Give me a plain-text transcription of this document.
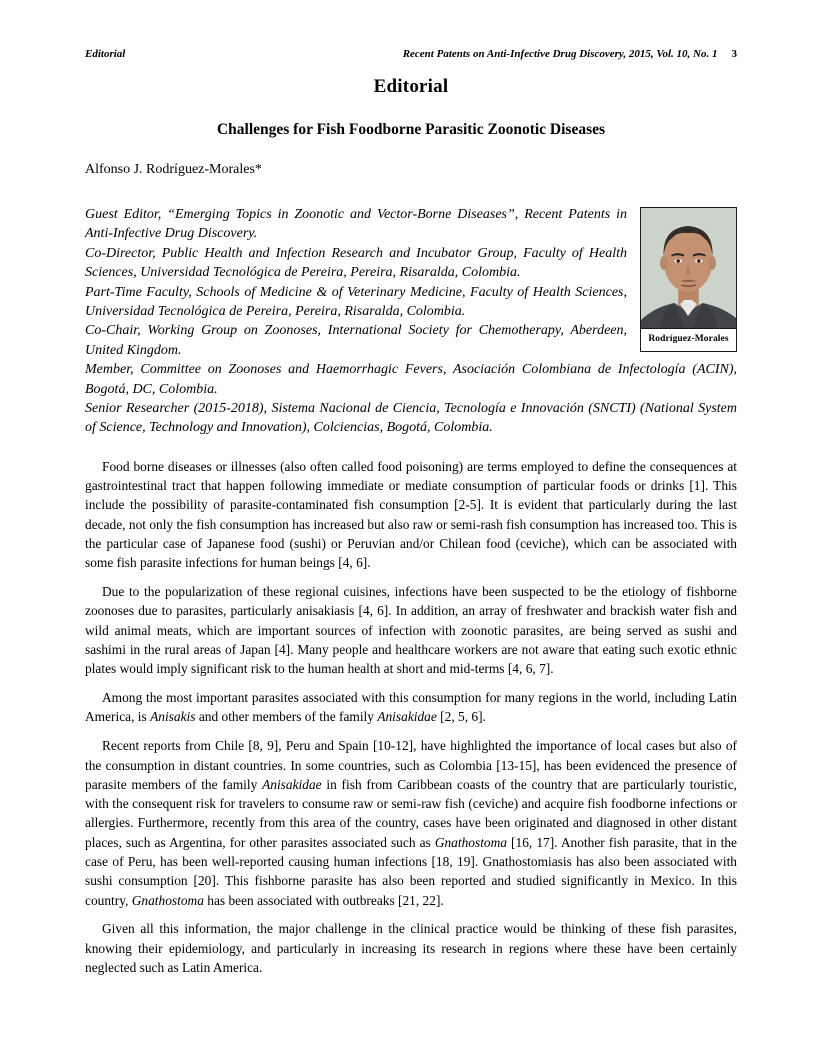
Editorial	Recent Patents on Anti-Infective Drug Discovery, 2015, Vol. 10, No. 1 3
Editorial
Challenges for Fish Foodborne Parasitic Zoonotic Diseases
Alfonso J. Rodríguez-Morales*
Rodríguez-Morales
Guest Editor, “Emerging Topics in Zoonotic and Vector-Borne Diseases”, Recent Patents in Anti-Infective Drug Discovery.
Co-Director, Public Health and Infection Research and Incubator Group, Faculty of Health Sciences, Universidad Tecnológica de Pereira, Pereira, Risaralda, Colombia.
Part-Time Faculty, Schools of Medicine & of Veterinary Medicine, Faculty of Health Sciences, Universidad Tecnológica de Pereira, Pereira, Risaralda, Colombia.
Co-Chair, Working Group on Zoonoses, International Society for Chemotherapy, Aberdeen, United Kingdom.
Member, Committee on Zoonoses and Haemorrhagic Fevers, Asociación Colombiana de Infectología (ACIN), Bogotá, DC, Colombia.
Senior Researcher (2015-2018), Sistema Nacional de Ciencia, Tecnología e Innovación (SNCTI) (National System of Science, Technology and Innovation), Colciencias, Bogotá, Colombia.

Food borne diseases or illnesses (also often called food poisoning) are terms employed to define the consequences at gastrointestinal tract that happen following immediate or mediate consumption of particular foods or drinks [1]. This include the possibility of parasite-contaminated fish consumption [2-5]. It is evident that particularly during the last decade, not only the fish consumption has increased but also raw or semi-rash fish consumption has increased too. This is the particular case of Japanese food (sushi) or Peruvian and/or Chilean food (ceviche), which can be associated with some fish parasite infections for human beings [4, 6].

Due to the popularization of these regional cuisines, infections have been suspected to be the etiology of fishborne zoonoses due to parasites, particularly anisakiasis [4, 6]. In addition, an array of freshwater and brackish water fish and wild animal meats, which are important sources of infection with zoonotic parasites, are being served as sushi and sashimi in the rural areas of Japan [4]. Many people and healthcare workers are not aware that eating such exotic ethnic plates would imply significant risk to the human health at short and mid-terms [4, 6, 7].

Among the most important parasites associated with this consumption for many regions in the world, including Latin America, is Anisakis and other members of the family Anisakidae [2, 5, 6].

Recent reports from Chile [8, 9], Peru and Spain [10-12], have highlighted the importance of local cases but also of the consumption in distant countries. In some countries, such as Colombia [13-15], has been evidenced the presence of parasite members of the family Anisakidae in fish from Caribbean coasts of the country that are particularly touristic, with the consequent risk for travelers to consume raw or semi-raw fish (ceviche) and acquire fish foodborne infections or allergies. Furthermore, recently from this area of the country, cases have been originated and diagnosed in other distant places, such as Argentina, for other parasites associated such as Gnathostoma [16, 17]. Another fish parasite, that in the case of Peru, has been well-reported causing human infections [18, 19]. Gnathostomiasis has also been associated with sushi consumption [20]. This fishborne parasite has also been reported and studied significantly in Mexico. In this country, Gnathostoma has been associated with outbreaks [21, 22].

Given all this information, the major challenge in the clinical practice would be thinking of these fish parasites, knowing their epidemiology, and particularly in increasing its research in regions where these have been certainly neglected such as Latin America.
